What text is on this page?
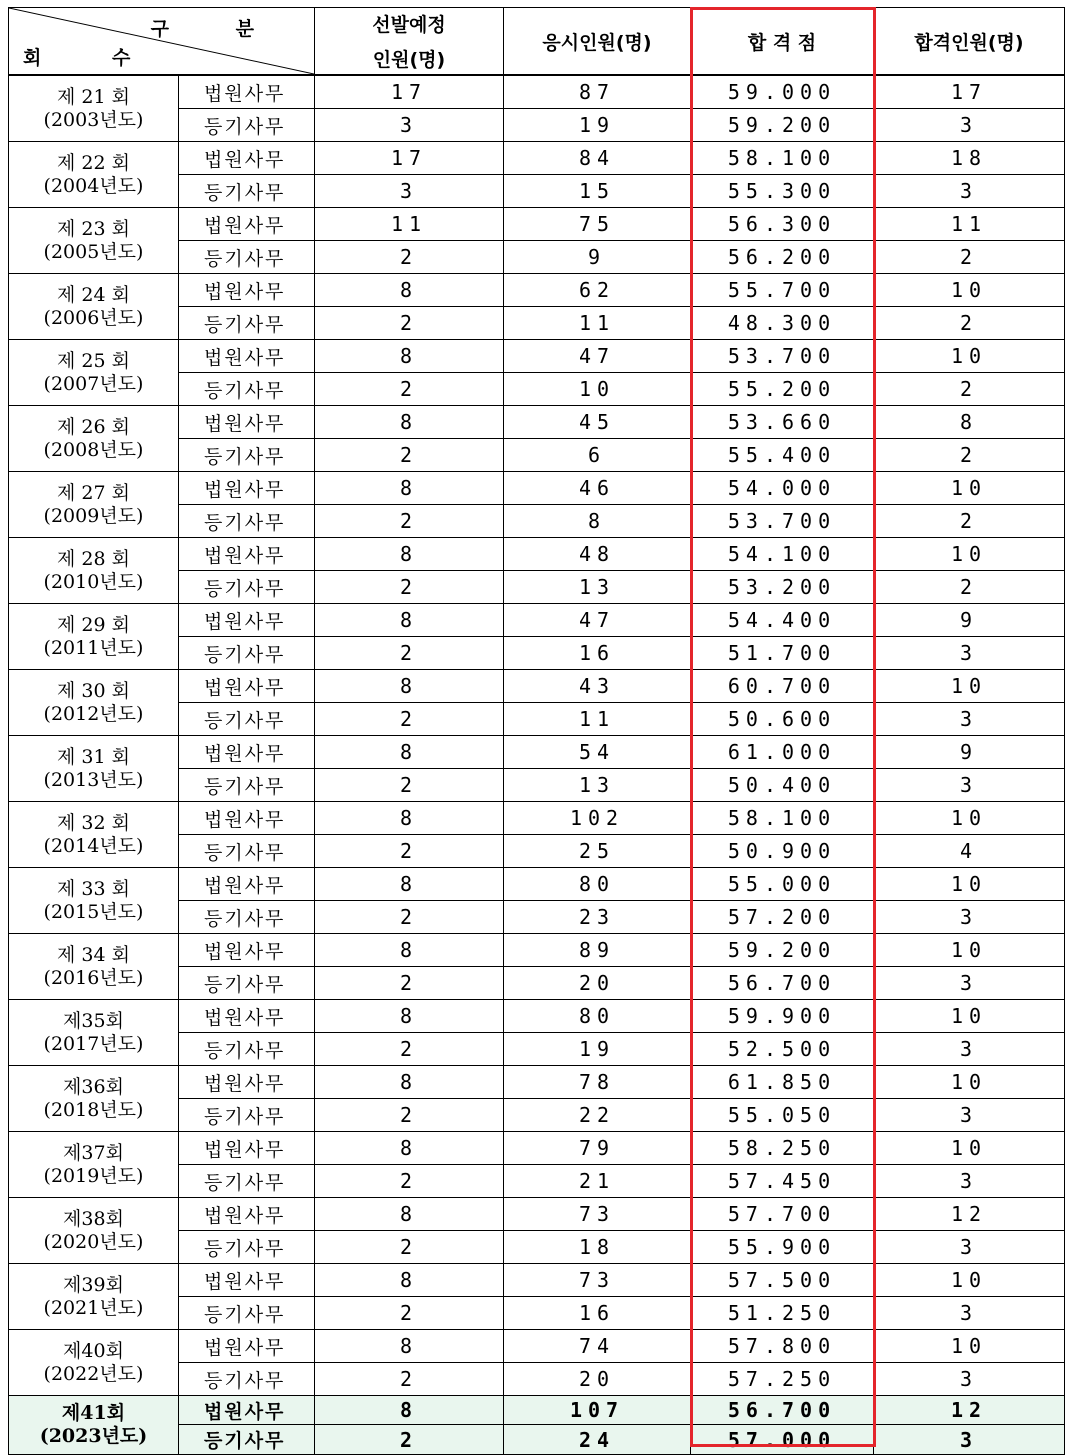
구 분
회 수		선발예정
인원(명)	응시인원(명)	합 격 점	합격인원(명)
제 21 회
(2003년도)	법원사무	17	87	59.000	17
	등기사무	3	19	59.200	3
제 22 회
(2004년도)	법원사무	17	84	58.100	18
	등기사무	3	15	55.300	3
제 23 회
(2005년도)	법원사무	11	75	56.300	11
	등기사무	2	9	56.200	2
제 24 회
(2006년도)	법원사무	8	62	55.700	10
	등기사무	2	11	48.300	2
제 25 회
(2007년도)	법원사무	8	47	53.700	10
	등기사무	2	10	55.200	2
제 26 회
(2008년도)	법원사무	8	45	53.660	8
	등기사무	2	6	55.400	2
제 27 회
(2009년도)	법원사무	8	46	54.000	10
	등기사무	2	8	53.700	2
제 28 회
(2010년도)	법원사무	8	48	54.100	10
	등기사무	2	13	53.200	2
제 29 회
(2011년도)	법원사무	8	47	54.400	9
	등기사무	2	16	51.700	3
제 30 회
(2012년도)	법원사무	8	43	60.700	10
	등기사무	2	11	50.600	3
제 31 회
(2013년도)	법원사무	8	54	61.000	9
	등기사무	2	13	50.400	3
제 32 회
(2014년도)	법원사무	8	102	58.100	10
	등기사무	2	25	50.900	4
제 33 회
(2015년도)	법원사무	8	80	55.000	10
	등기사무	2	23	57.200	3
제 34 회
(2016년도)	법원사무	8	89	59.200	10
	등기사무	2	20	56.700	3
제35회
(2017년도)	법원사무	8	80	59.900	10
	등기사무	2	19	52.500	3
제36회
(2018년도)	법원사무	8	78	61.850	10
	등기사무	2	22	55.050	3
제37회
(2019년도)	법원사무	8	79	58.250	10
	등기사무	2	21	57.450	3
제38회
(2020년도)	법원사무	8	73	57.700	12
	등기사무	2	18	55.900	3
제39회
(2021년도)	법원사무	8	73	57.500	10
	등기사무	2	16	51.250	3
제40회
(2022년도)	법원사무	8	74	57.800	10
	등기사무	2	20	57.250	3
제41회
(2023년도)	법원사무	8	107	56.700	12
	등기사무	2	24	57.000	3
